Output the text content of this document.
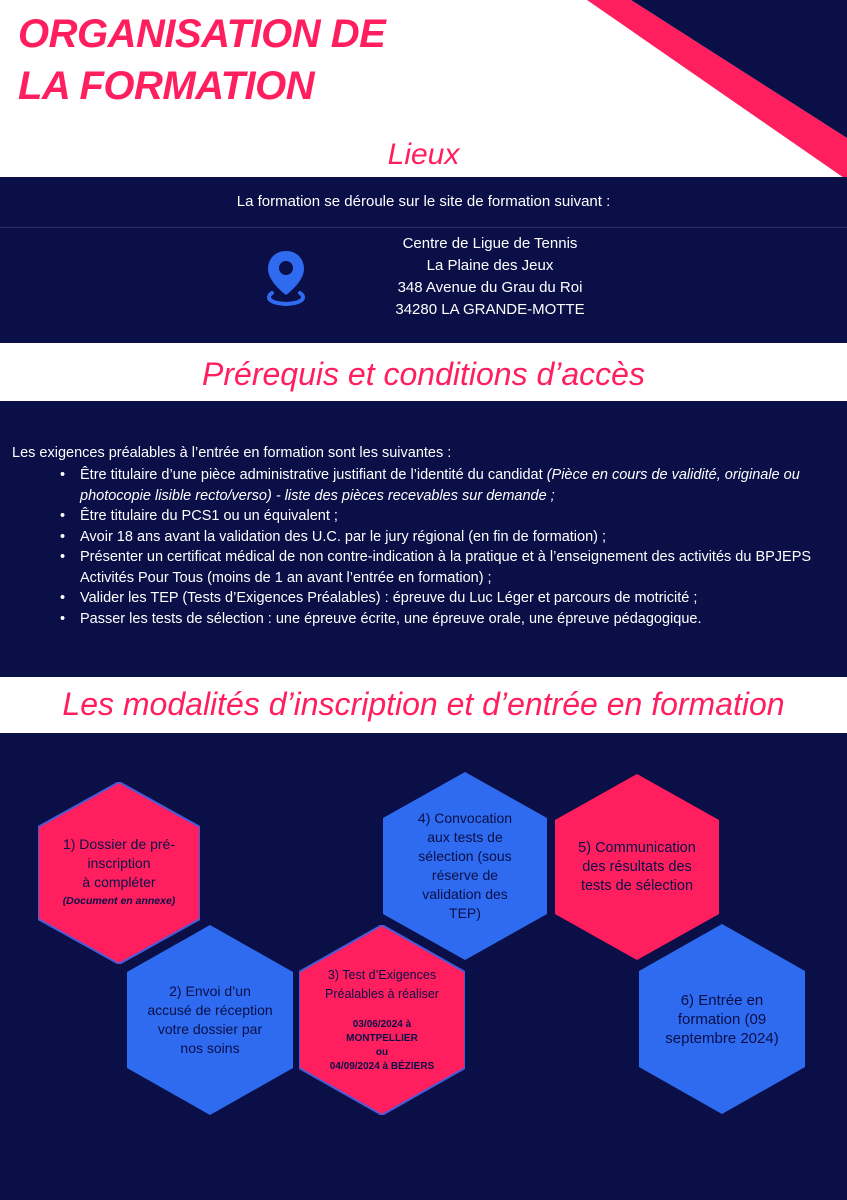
ORGANISATION DE
LA FORMATION
Lieux
La formation se déroule sur le site de formation suivant :
Centre de Ligue de Tennis
La Plaine des Jeux
348 Avenue du Grau du Roi
34280 LA GRANDE-MOTTE
Prérequis et conditions d’accès
Les exigences préalables à l’entrée en formation sont les suivantes :
• Être titulaire d’une pièce administrative justifiant de l’identité du candidat (Pièce en cours de validité, originale ou photocopie lisible recto/verso) - liste des pièces recevables sur demande ;
• Être titulaire du PCS1 ou un équivalent ;
• Avoir 18 ans avant la validation des U.C. par le jury régional (en fin de formation) ;
• Présenter un certificat médical de non contre-indication à la pratique et à l’enseignement des activités du BPJEPS Activités Pour Tous (moins de 1 an avant l’entrée en formation) ;
• Valider les TEP (Tests d’Exigences Préalables) : épreuve du Luc Léger et parcours de motricité ;
• Passer les tests de sélection : une épreuve écrite, une épreuve orale, une épreuve pédagogique.
Les modalités d’inscription et d’entrée en formation
1) Dossier de pré-
inscription
à compléter
(Document en annexe)
2) Envoi d’un accusé de réception votre dossier par nos soins
3) Test d’Exigences
Préalables à réaliser
03/06/2024 à MONTPELLIER
ou
04/09/2024 à BÉZIERS
4) Convocation aux tests de sélection (sous réserve de validation des TEP)
5) Communication des résultats des tests de sélection
6) Entrée en formation (09 septembre 2024)
